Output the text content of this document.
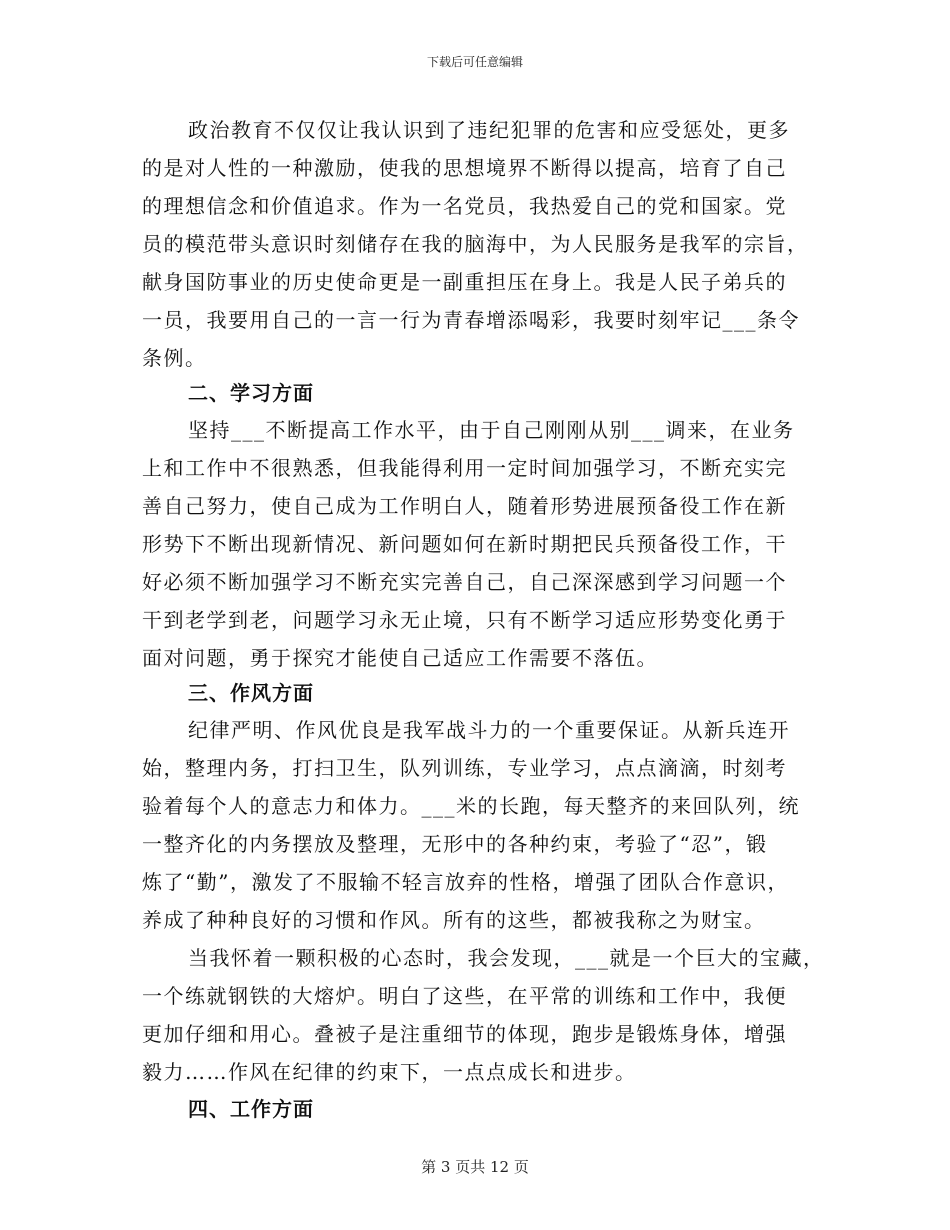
下载后可任意编辑
政治教育不仅仅让我认识到了违纪犯罪的危害和应受惩处，更多
的是对人性的一种激励，使我的思想境界不断得以提高，培育了自己
的理想信念和价值追求。作为一名党员，我热爱自己的党和国家。党
员的模范带头意识时刻储存在我的脑海中，为人民服务是我军的宗旨，
献身国防事业的历史使命更是一副重担压在身上。我是人民子弟兵的
一员，我要用自己的一言一行为青春增添喝彩，我要时刻牢记___条令
条例。
二、学习方面
坚持___不断提高工作水平，由于自己刚刚从别___调来，在业务
上和工作中不很熟悉，但我能得利用一定时间加强学习，不断充实完
善自己努力，使自己成为工作明白人，随着形势进展预备役工作在新
形势下不断出现新情况、新问题如何在新时期把民兵预备役工作，干
好必须不断加强学习不断充实完善自己，自己深深感到学习问题一个
干到老学到老，问题学习永无止境，只有不断学习适应形势变化勇于
面对问题，勇于探究才能使自己适应工作需要不落伍。
三、作风方面
纪律严明、作风优良是我军战斗力的一个重要保证。从新兵连开
始，整理内务，打扫卫生，队列训练，专业学习，点点滴滴，时刻考
验着每个人的意志力和体力。___米的长跑，每天整齐的来回队列，统
一整齐化的内务摆放及整理，无形中的各种约束，考验了“忍”，锻
炼了“勤”，激发了不服输不轻言放弃的性格，增强了团队合作意识，
养成了种种良好的习惯和作风。所有的这些，都被我称之为财宝。
当我怀着一颗积极的心态时，我会发现，___就是一个巨大的宝藏，
一个练就钢铁的大熔炉。明白了这些，在平常的训练和工作中，我便
更加仔细和用心。叠被子是注重细节的体现，跑步是锻炼身体，增强
毅力……作风在纪律的约束下，一点点成长和进步。
四、工作方面
第 3 页共 12 页
